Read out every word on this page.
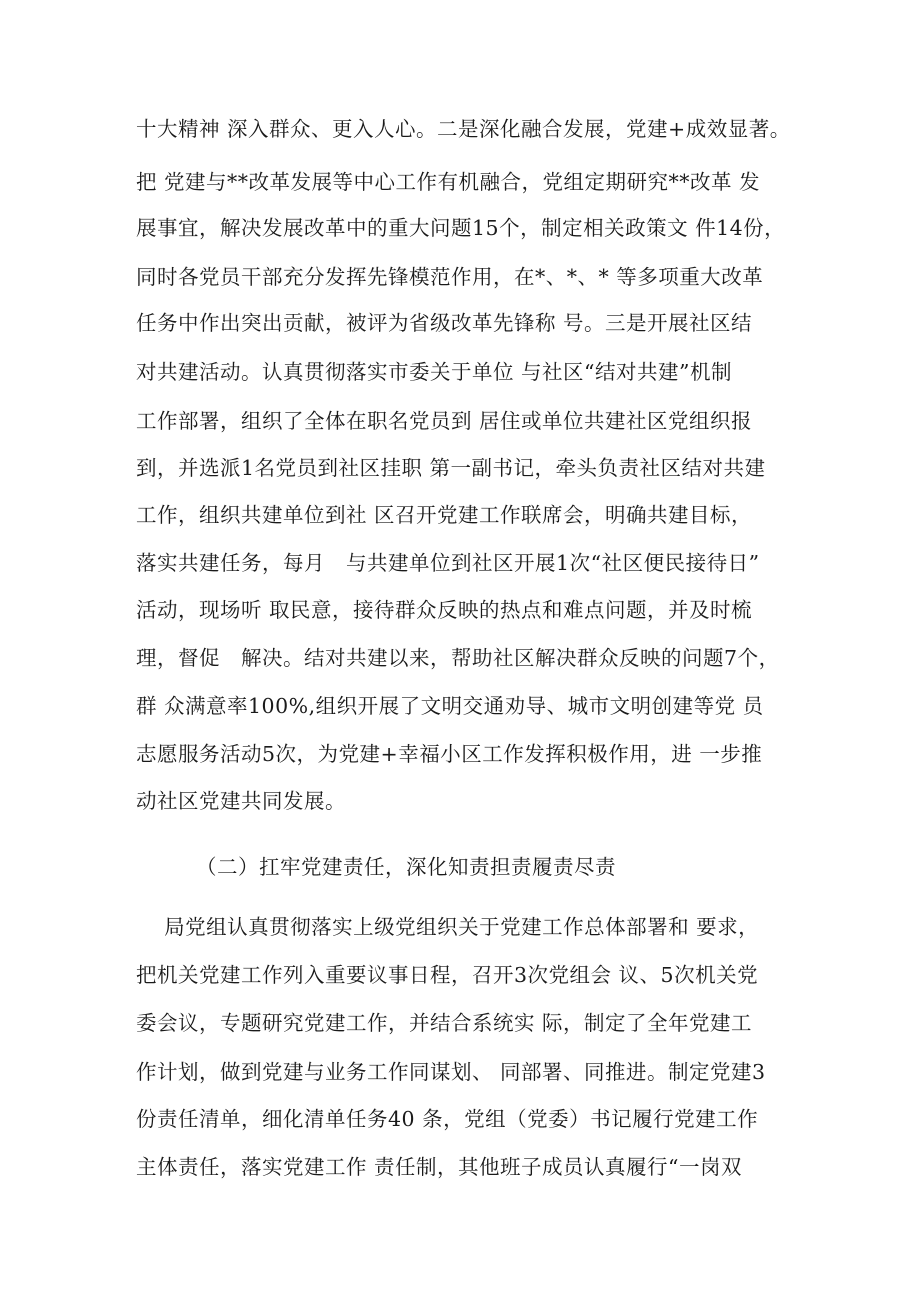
十大精神 深入群众、更入人心。二是深化融合发展，党建+成效显著。
把 党建与**改革发展等中心工作有机融合，党组定期研究**改革 发
展事宜，解决发展改革中的重大问题15个，制定相关政策文 件14份，
同时各党员干部充分发挥先锋模范作用，在*、*、* 等多项重大改革
任务中作出突出贡献，被评为省级改革先锋称 号。三是开展社区结
对共建活动。认真贯彻落实市委关于单位 与社区“结对共建”机制
工作部署，组织了全体在职名党员到 居住或单位共建社区党组织报
到，并选派1名党员到社区挂职 第一副书记，牵头负责社区结对共建
工作，组织共建单位到社 区召开党建工作联席会，明确共建目标，
落实共建任务，每月   与共建单位到社区开展1次“社区便民接待日”
活动，现场听 取民意，接待群众反映的热点和难点问题，并及时梳
理，督促   解决。结对共建以来，帮助社区解决群众反映的问题7个，
群 众满意率100%,组织开展了文明交通劝导、城市文明创建等党 员
志愿服务活动5次，为党建+幸福小区工作发挥积极作用，进 一步推
动社区党建共同发展。
（二）扛牢党建责任，深化知责担责履责尽责
局党组认真贯彻落实上级党组织关于党建工作总体部署和 要求，
把机关党建工作列入重要议事日程，召开3次党组会 议、5次机关党
委会议，专题研究党建工作，并结合系统实 际，制定了全年党建工
作计划，做到党建与业务工作同谋划、 同部署、同推进。制定党建3
份责任清单，细化清单任务40 条，党组（党委）书记履行党建工作
主体责任，落实党建工作 责任制，其他班子成员认真履行“一岗双
